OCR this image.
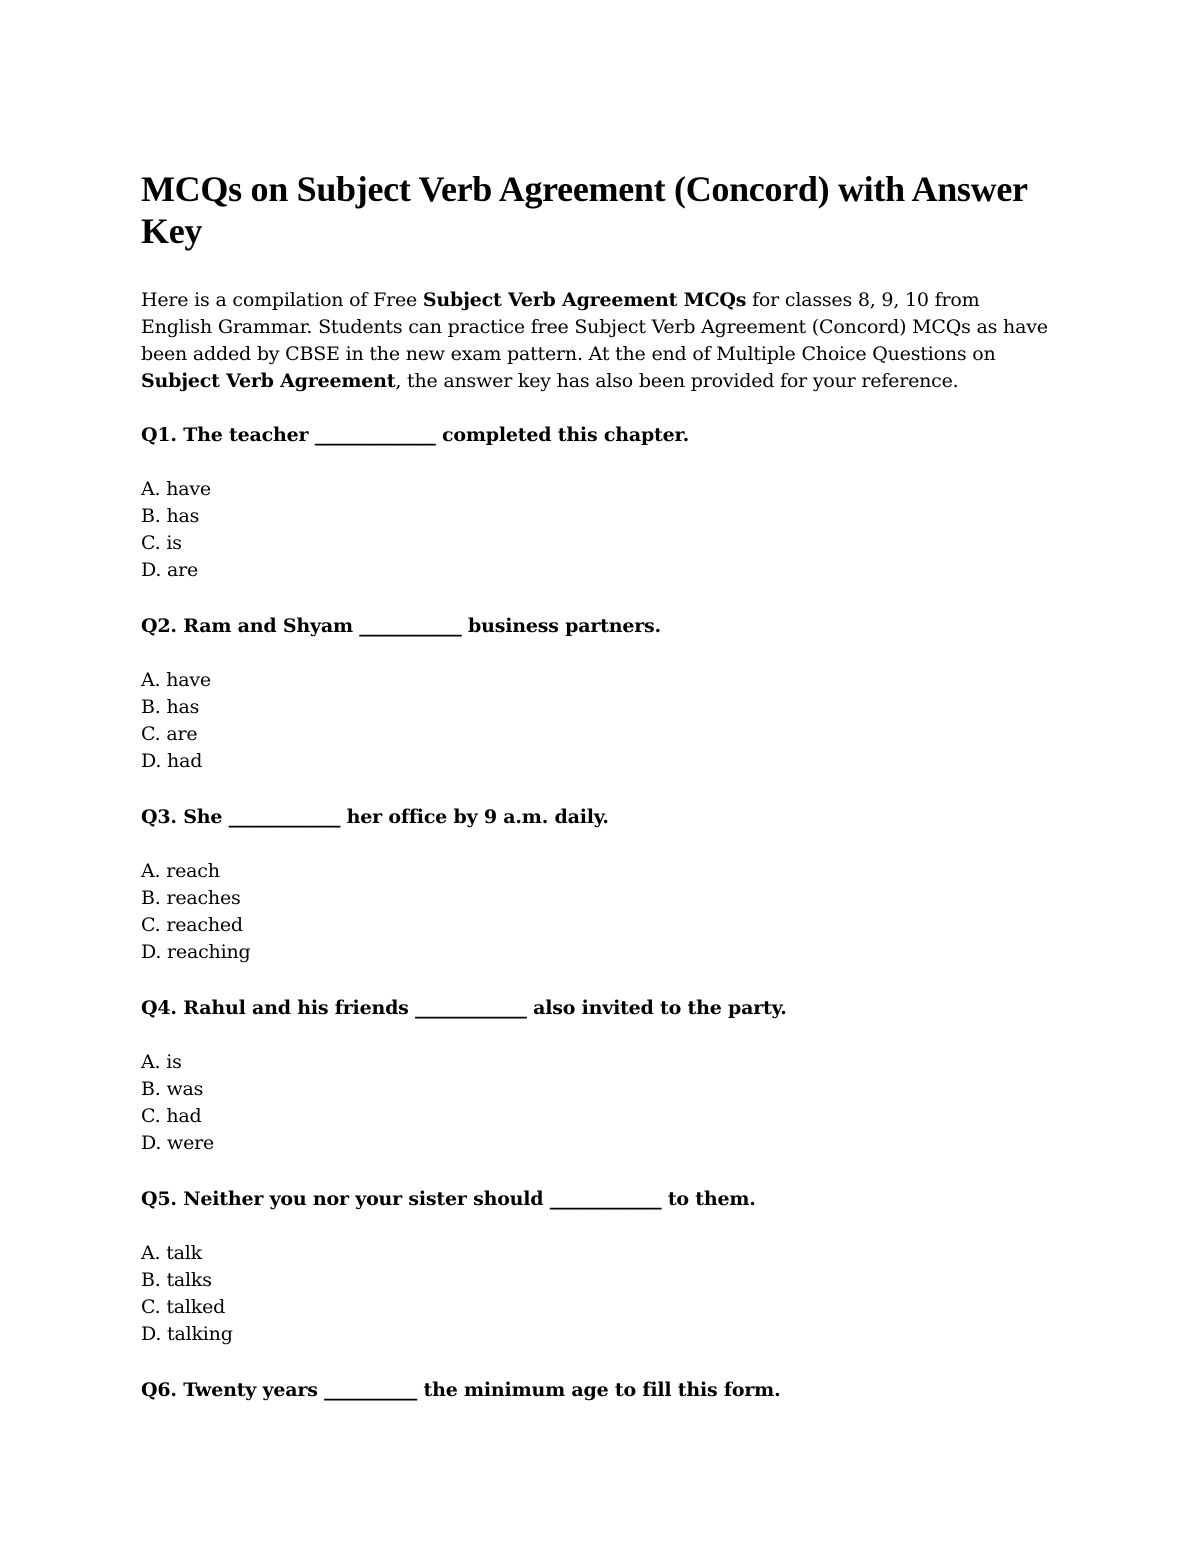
MCQs on Subject Verb Agreement (Concord) with Answer Key

Here is a compilation of Free Subject Verb Agreement MCQs for classes 8, 9, 10 from English Grammar. Students can practice free Subject Verb Agreement (Concord) MCQs as have been added by CBSE in the new exam pattern. At the end of Multiple Choice Questions on Subject Verb Agreement, the answer key has also been provided for your reference.

Q1. The teacher _____________ completed this chapter.

A. have
B. has
C. is
D. are

Q2. Ram and Shyam ___________ business partners.

A. have
B. has
C. are
D. had

Q3. She ____________ her office by 9 a.m. daily.

A. reach
B. reaches
C. reached
D. reaching

Q4. Rahul and his friends ____________ also invited to the party.

A. is
B. was
C. had
D. were

Q5. Neither you nor your sister should ____________ to them.

A. talk
B. talks
C. talked
D. talking

Q6. Twenty years __________ the minimum age to fill this form.
